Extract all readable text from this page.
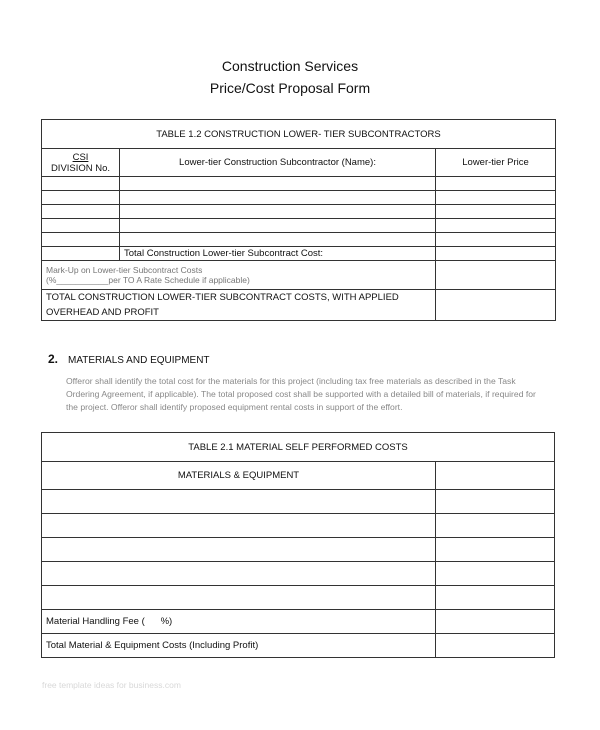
Construction Services
Price/Cost Proposal Form
TABLE 1.2 CONSTRUCTION LOWER- TIER SUBCONTRACTORS		

CSI
DIVISION No.	Lower-tier Construction Subcontractor (Name):	Lower-tier Price

	Total Construction Lower-tier Subcontract Cost:	

Mark-Up on Lower-tier Subcontract Costs
(%___________per TO A Rate Schedule if applicable)		

TOTAL CONSTRUCTION LOWER-TIER SUBCONTRACT COSTS, WITH APPLIED
OVERHEAD AND PROFIT		

2. MATERIALS AND EQUIPMENT
Offeror shall identify the total cost for the materials for this project (including tax free materials as described in the Task Ordering Agreement, if applicable). The total proposed cost shall be supported with a detailed bill of materials, if required for the project. Offeror shall identify proposed equipment rental costs in support of the effort.
TABLE 2.1 MATERIAL SELF PERFORMED COSTS	
MATERIALS & EQUIPMENT	

Material Handling Fee (      %)	
Total Material & Equipment Costs (Including Profit)	
free template ideas for business.com
